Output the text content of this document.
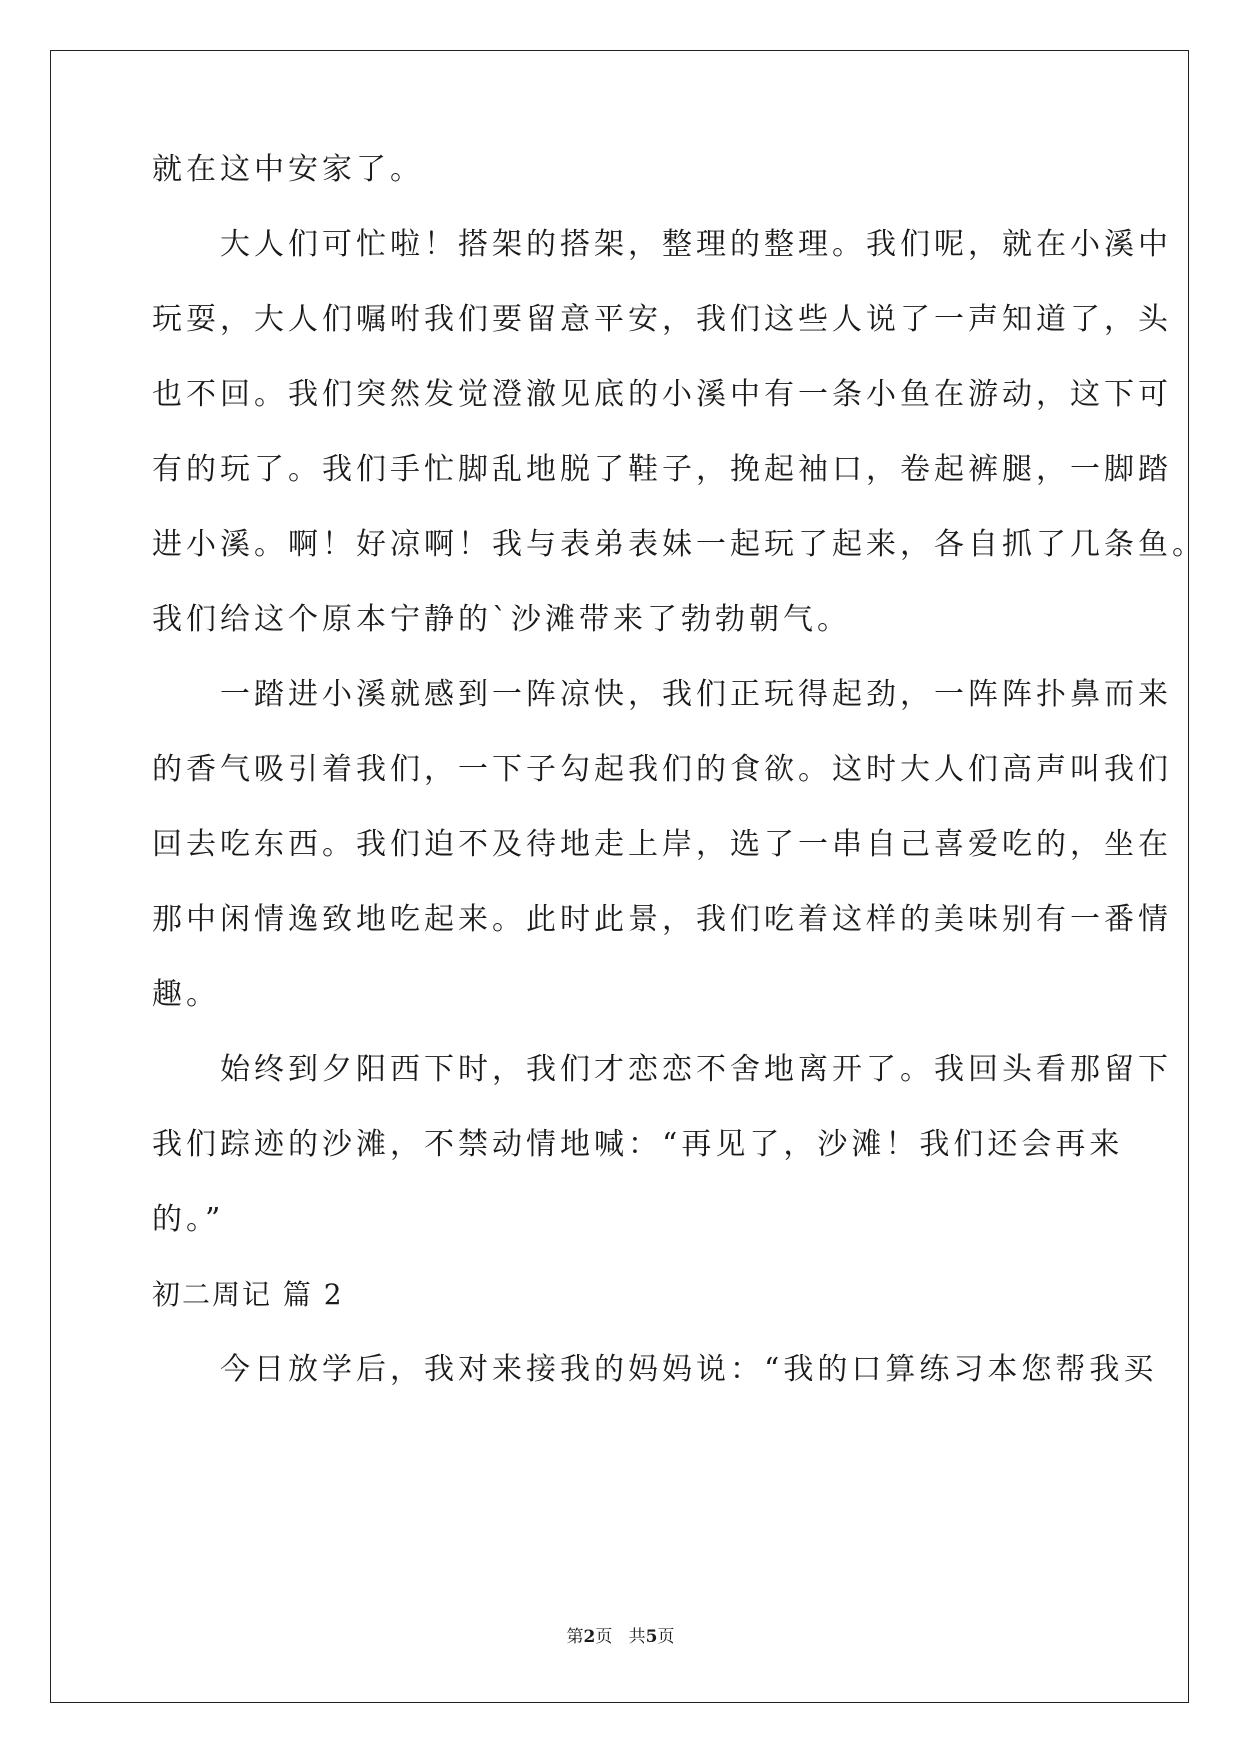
就在这中安家了。
　　大人们可忙啦！搭架的搭架，整理的整理。我们呢，就在小溪中
玩耍，大人们嘱咐我们要留意平安，我们这些人说了一声知道了，头
也不回。我们突然发觉澄澈见底的小溪中有一条小鱼在游动，这下可
有的玩了。我们手忙脚乱地脱了鞋子，挽起袖口，卷起裤腿，一脚踏
进小溪。啊！好凉啊！我与表弟表妹一起玩了起来，各自抓了几条鱼。
我们给这个原本宁静的`沙滩带来了勃勃朝气。
　　一踏进小溪就感到一阵凉快，我们正玩得起劲，一阵阵扑鼻而来
的香气吸引着我们，一下子勾起我们的食欲。这时大人们高声叫我们
回去吃东西。我们迫不及待地走上岸，选了一串自己喜爱吃的，坐在
那中闲情逸致地吃起来。此时此景，我们吃着这样的美味别有一番情
趣。
　　始终到夕阳西下时，我们才恋恋不舍地离开了。我回头看那留下
我们踪迹的沙滩，不禁动情地喊：“再见了，沙滩！我们还会再来
的。”
初二周记 篇 2
　　今日放学后，我对来接我的妈妈说：“我的口算练习本您帮我买
第2页 共5页
